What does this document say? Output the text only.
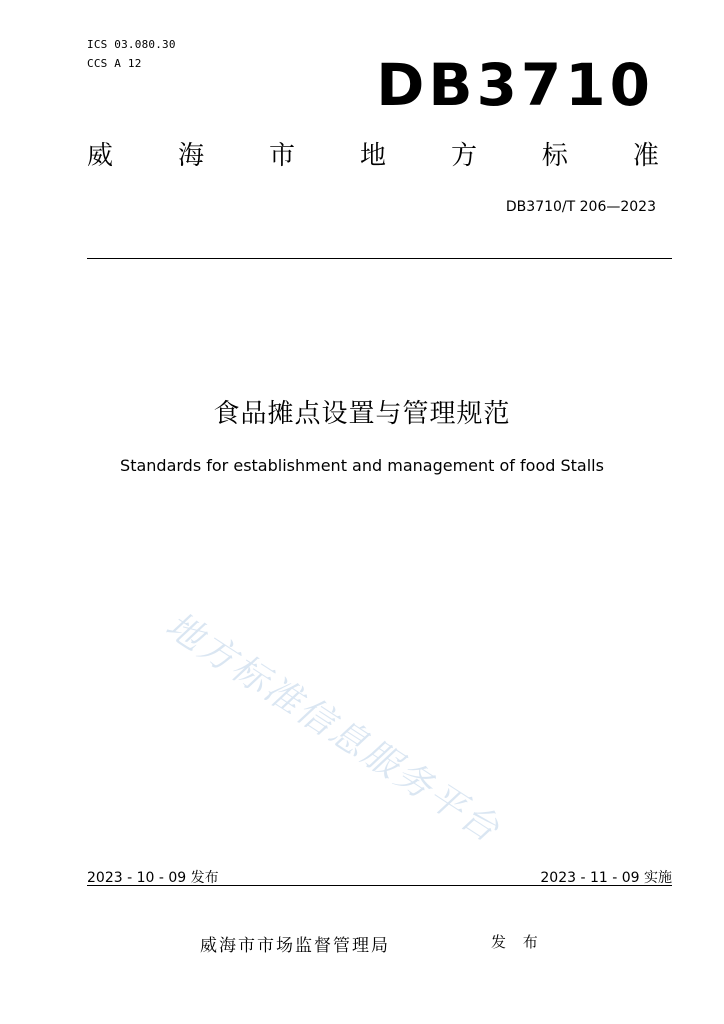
ICS 03.080.30
CCS A 12	DB3710
威 海 市 地 方 标 准
DB3710/T 206—2023
食品摊点设置与管理规范
Standards for establishment and management of food Stalls
地方标准信息服务平台
2023 - 10 - 09 发布	2023 - 11 - 09 实施
威海市市场监督管理局	发 布
